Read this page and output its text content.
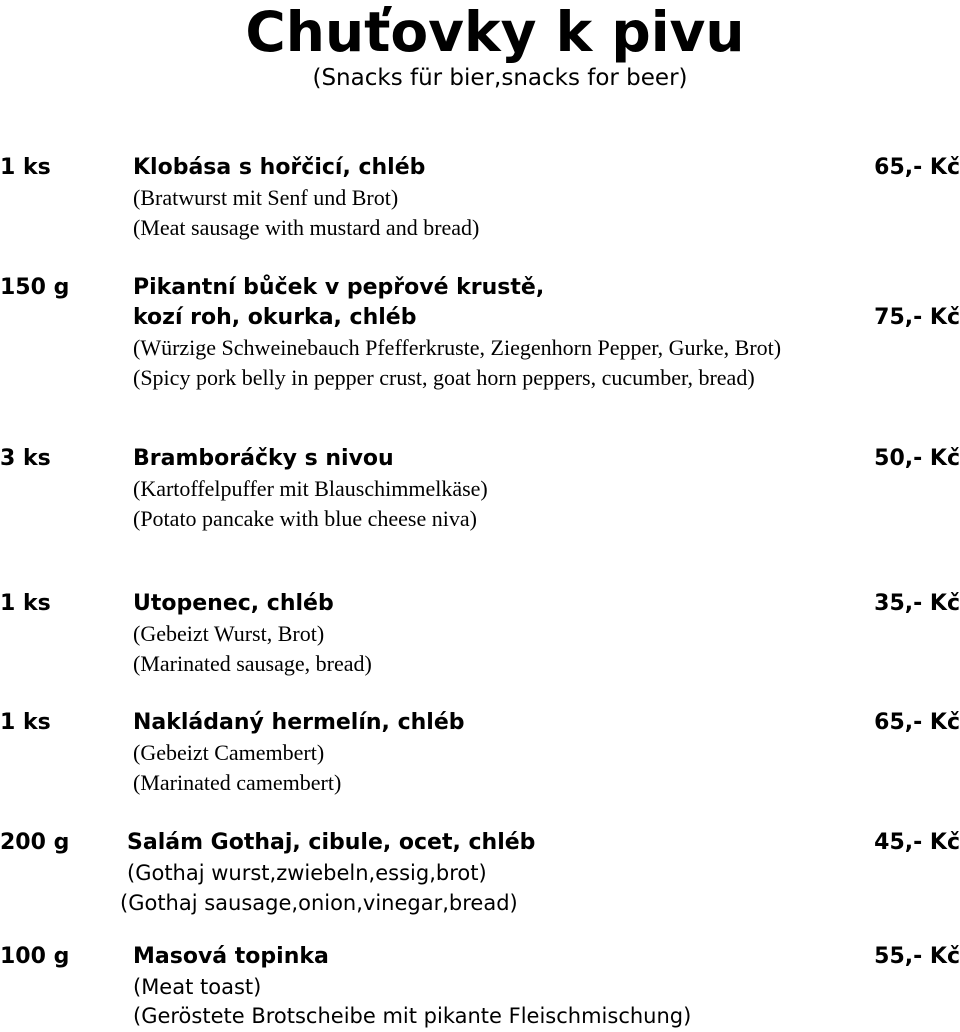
Chuťovky k pivu
(Snacks für bier,snacks for beer)
1 ks	Klobása s hořčicí, chléb	65,- Kč
(Bratwurst mit Senf und Brot)
(Meat sausage with mustard and bread)
150 g	Pikantní bůček v pepřové krustě,
kozí roh, okurka, chléb	75,- Kč
(Würzige Schweinebauch Pfefferkruste, Ziegenhorn Pepper, Gurke, Brot)
(Spicy pork belly in pepper crust, goat horn peppers, cucumber, bread)
3 ks	Bramboráčky s nivou	50,- Kč
(Kartoffelpuffer mit Blauschimmelkäse)
(Potato pancake with blue cheese niva)
1 ks	Utopenec, chléb	35,- Kč
(Gebeizt Wurst, Brot)
(Marinated sausage, bread)
1 ks	Nakládaný hermelín, chléb	65,- Kč
(Gebeizt Camembert)
(Marinated camembert)
200 g	Salám Gothaj, cibule, ocet, chléb	45,- Kč
(Gothaj wurst,zwiebeln,essig,brot)
(Gothaj sausage,onion,vinegar,bread)
100 g	Masová topinka	55,- Kč
(Meat toast)
(Geröstete Brotscheibe mit pikante Fleischmischung)
